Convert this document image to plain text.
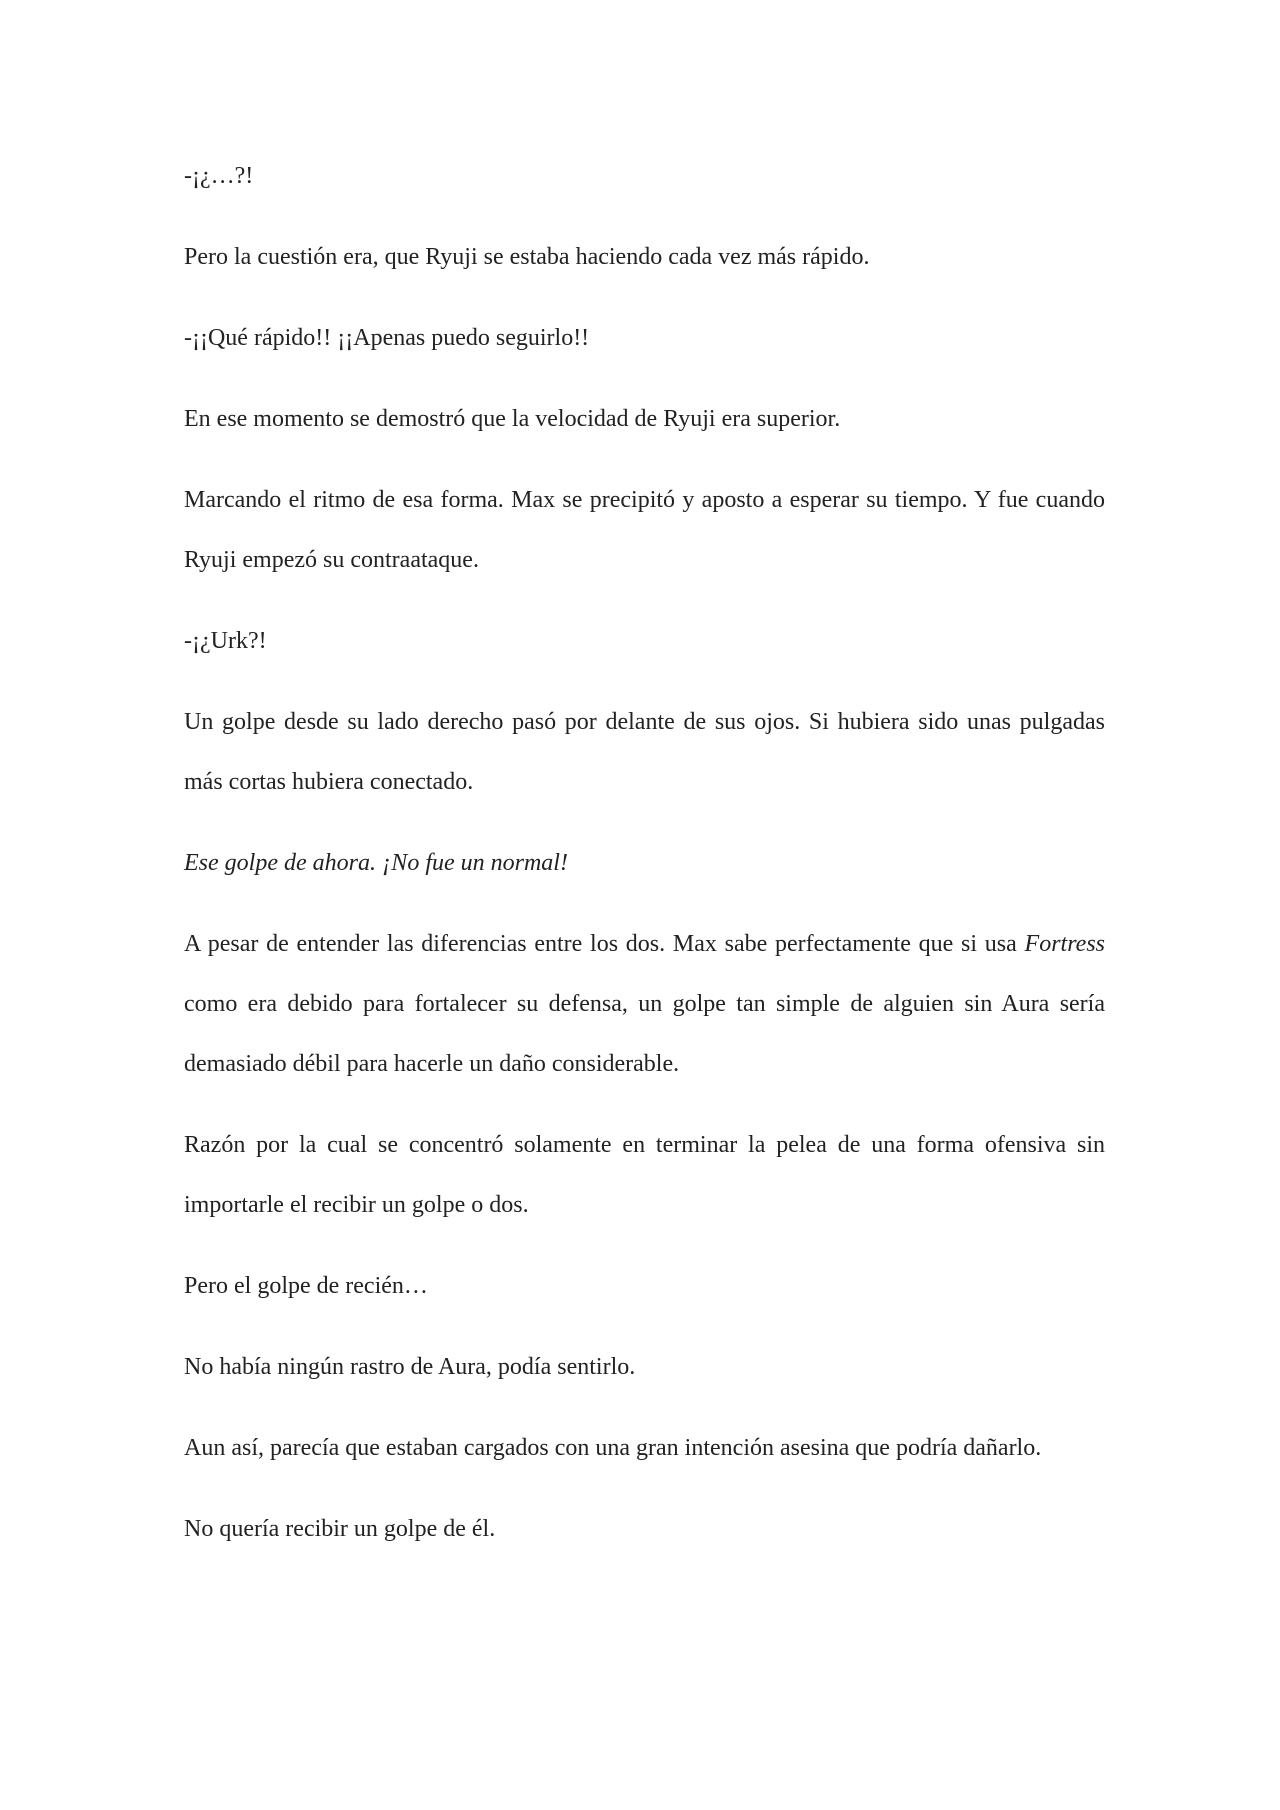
-¡¿…?!

Pero la cuestión era, que Ryuji se estaba haciendo cada vez más rápido.

-¡¡Qué rápido!! ¡¡Apenas puedo seguirlo!!

En ese momento se demostró que la velocidad de Ryuji era superior.

Marcando el ritmo de esa forma. Max se precipitó y aposto a esperar su tiempo. Y fue cuando Ryuji empezó su contraataque.

-¡¿Urk?!

Un golpe desde su lado derecho pasó por delante de sus ojos. Si hubiera sido unas pulgadas más cortas hubiera conectado.

Ese golpe de ahora. ¡No fue un normal!

A pesar de entender las diferencias entre los dos. Max sabe perfectamente que si usa Fortress como era debido para fortalecer su defensa, un golpe tan simple de alguien sin Aura sería demasiado débil para hacerle un daño considerable.

Razón por la cual se concentró solamente en terminar la pelea de una forma ofensiva sin importarle el recibir un golpe o dos.

Pero el golpe de recién…

No había ningún rastro de Aura, podía sentirlo.

Aun así, parecía que estaban cargados con una gran intención asesina que podría dañarlo.

No quería recibir un golpe de él.
